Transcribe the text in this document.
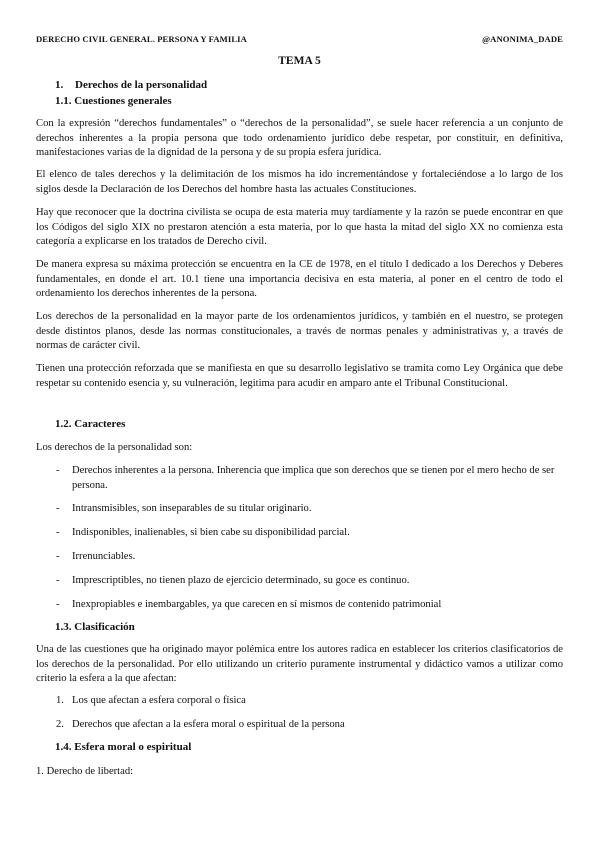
DERECHO CIVIL GENERAL. PERSONA Y FAMILIA	@ANONIMA_DADE
TEMA 5
1. Derechos de la personalidad
1.1. Cuestiones generales
Con la expresión “derechos fundamentales” o “derechos de la personalidad”, se suele hacer referencia a un conjunto de derechos inherentes a la propia persona que todo ordenamiento jurídico debe respetar, por constituir, en definitiva, manifestaciones varias de la dignidad de la persona y de su propia esfera jurídica.
El elenco de tales derechos y la delimitación de los mismos ha ido incrementándose y fortaleciéndose a lo largo de los siglos desde la Declaración de los Derechos del hombre hasta las actuales Constituciones.
Hay que reconocer que la doctrina civilista se ocupa de esta materia muy tardíamente y la razón se puede encontrar en que los Códigos del siglo XIX no prestaron atención a esta materia, por lo que hasta la mitad del siglo XX no comienza esta categoría a explicarse en los tratados de Derecho civil.
De manera expresa su máxima protección se encuentra en la CE de 1978, en el título I dedicado a los Derechos y Deberes fundamentales, en donde el art. 10.1 tiene una importancia decisiva en esta materia, al poner en el centro de todo el ordenamiento los derechos inherentes de la persona.
Los derechos de la personalidad en la mayor parte de los ordenamientos jurídicos, y también en el nuestro, se protegen desde distintos planos, desde las normas constitucionales, a través de normas penales y administrativas y, a través de normas de carácter civil.
Tienen una protección reforzada que se manifiesta en que su desarrollo legislativo se tramita como Ley Orgánica que debe respetar su contenido esencia y, su vulneración, legitima para acudir en amparo ante el Tribunal Constitucional.
1.2. Caracteres
Los derechos de la personalidad son:
- Derechos inherentes a la persona. Inherencia que implica que son derechos que se tienen por el mero hecho de ser persona.
- Intransmisibles, son inseparables de su titular originario.
- Indisponibles, inalienables, si bien cabe su disponibilidad parcial.
- Irrenunciables.
- Imprescriptibles, no tienen plazo de ejercicio determinado, su goce es continuo.
- Inexpropiables e inembargables, ya que carecen en sí mismos de contenido patrimonial
1.3. Clasificación
Una de las cuestiones que ha originado mayor polémica entre los autores radica en establecer los criterios clasificatorios de los derechos de la personalidad. Por ello utilizando un criterio puramente instrumental y didáctico vamos a utilizar como criterio la esfera a la que afectan:
1. Los que afectan a esfera corporal o física
2. Derechos que afectan a la esfera moral o espiritual de la persona
1.4. Esfera moral o espiritual
1. Derecho de libertad:
